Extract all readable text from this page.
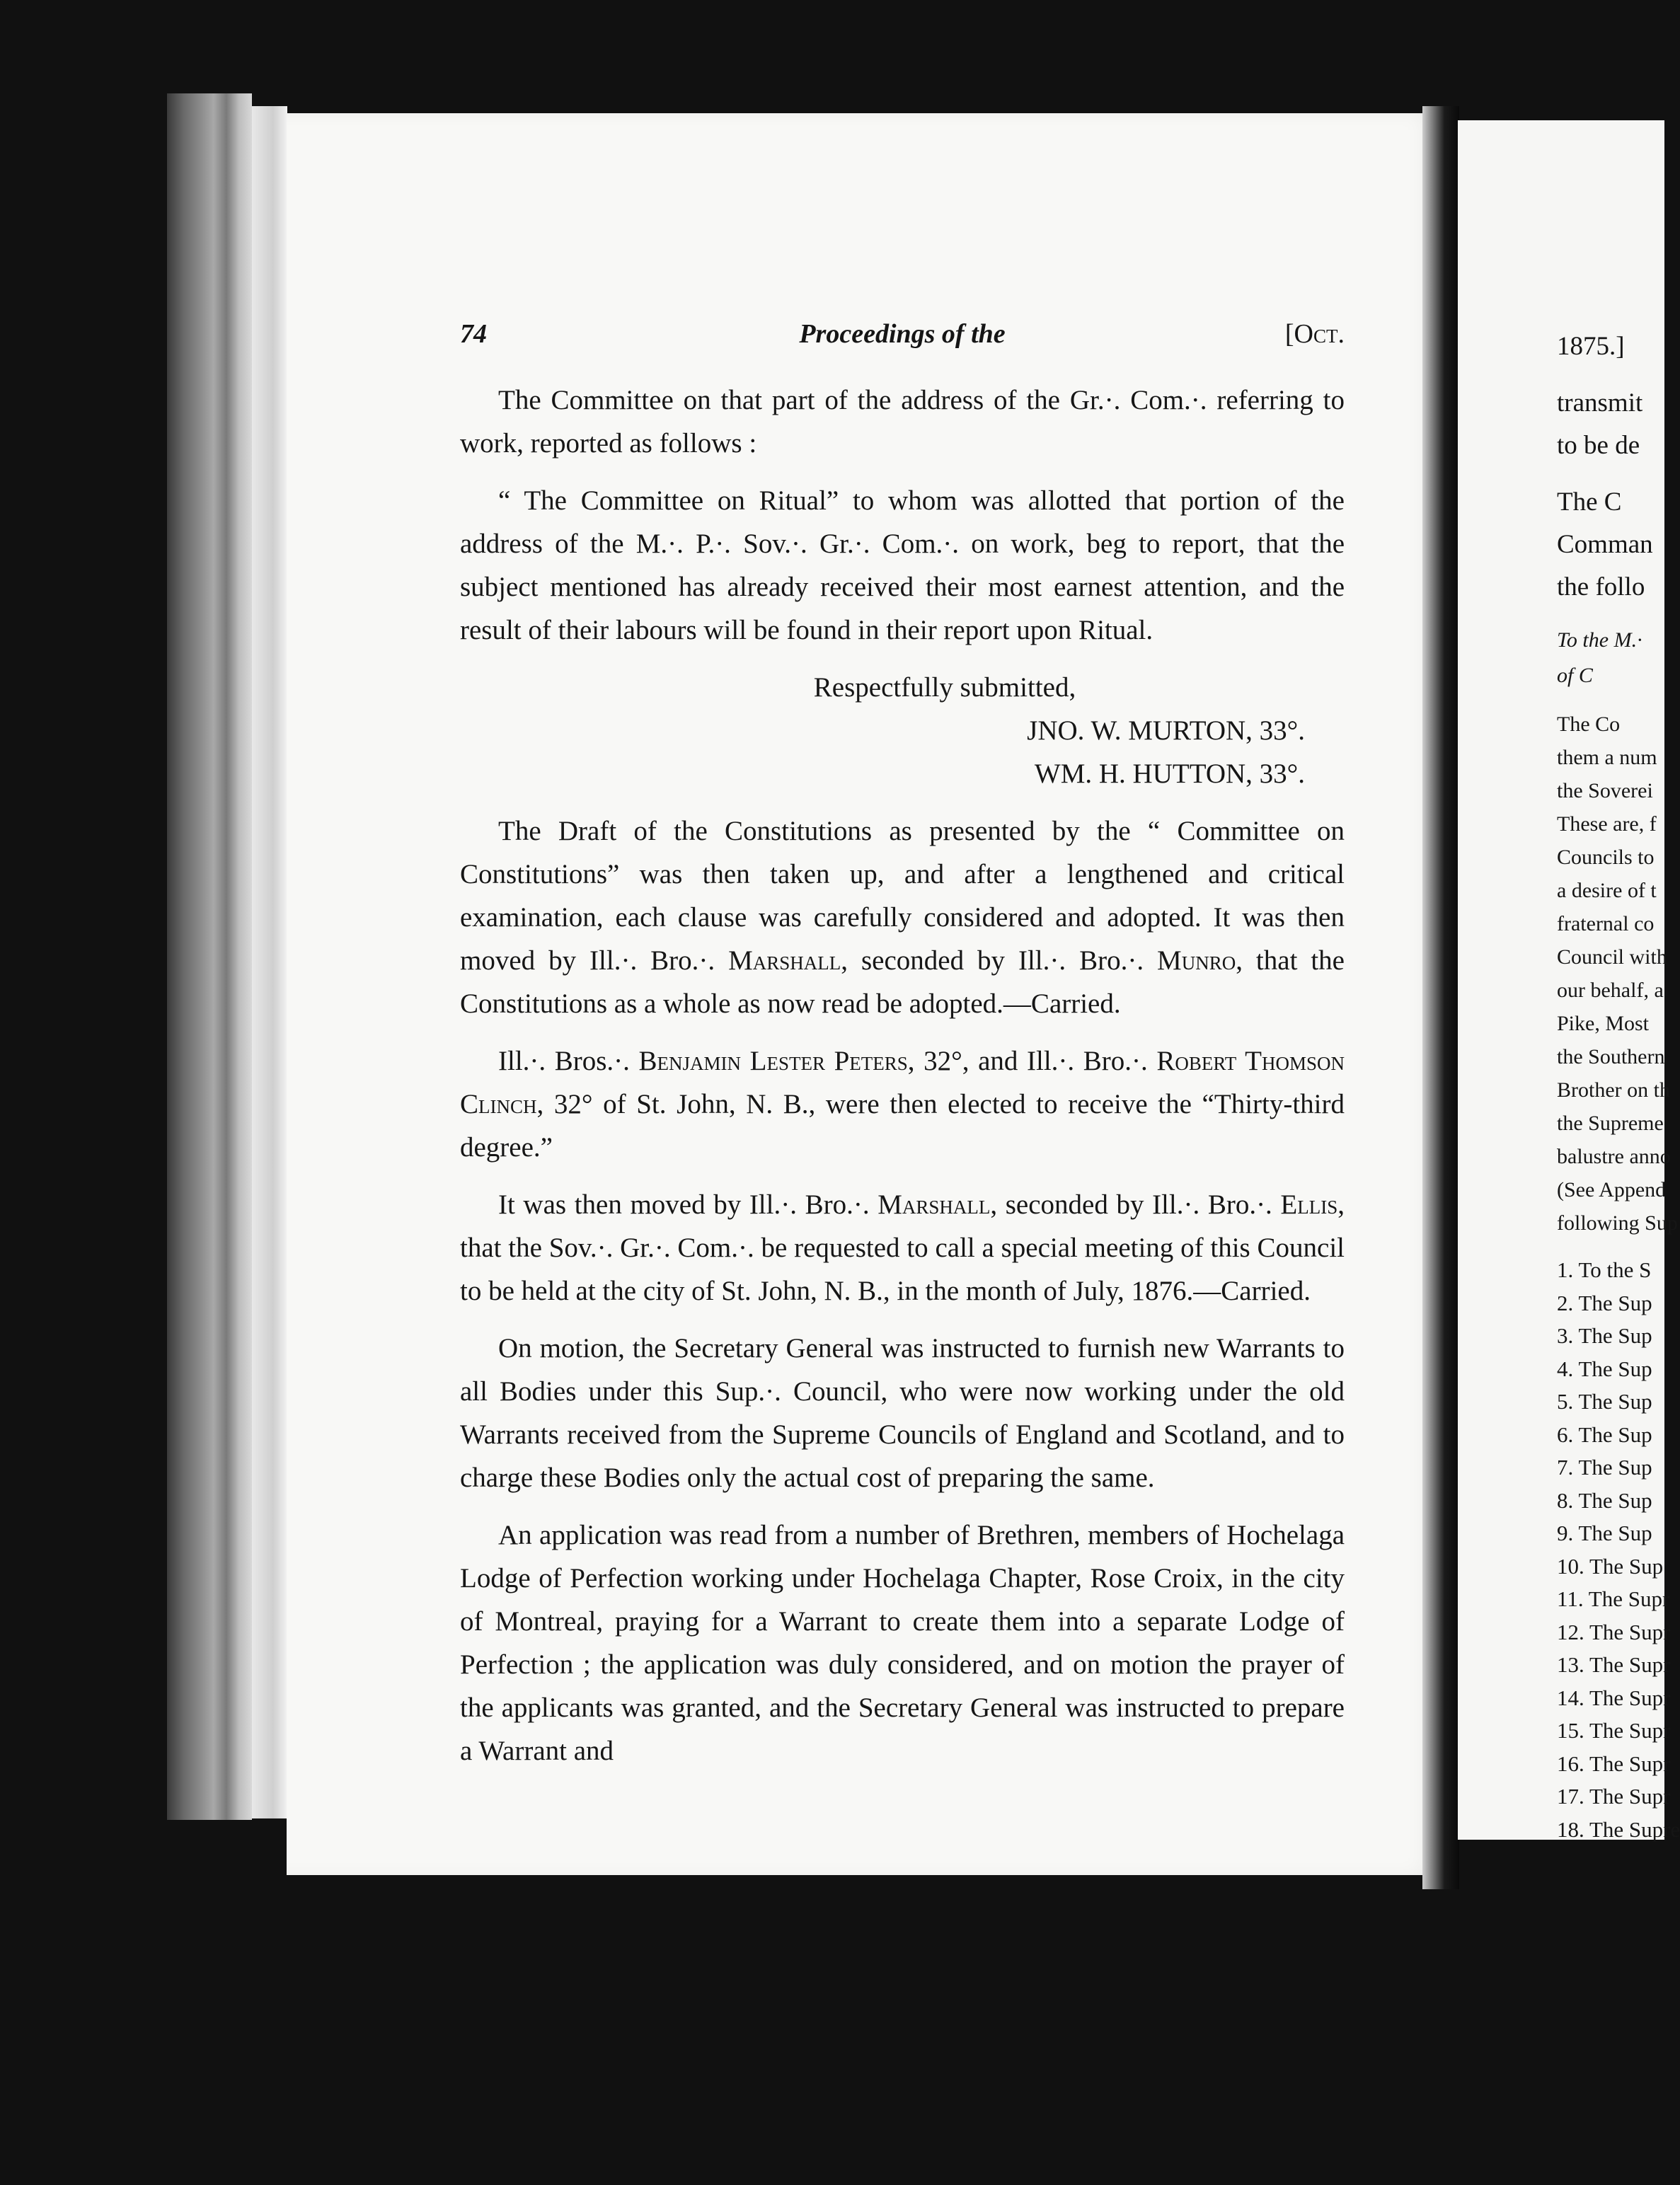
74	Proceedings of the	[Oct.

The Committee on that part of the address of the Gr.·. Com.·. referring to work, reported as follows :

“ The Committee on Ritual” to whom was allotted that portion of the address of the M.·. P.·. Sov.·. Gr.·. Com.·. on work, beg to report, that the subject mentioned has already received their most earnest attention, and the result of their labours will be found in their report upon Ritual.

Respectfully submitted,

JNO. W. MURTON, 33°.

WM. H. HUTTON, 33°.

The Draft of the Constitutions as presented by the “ Committee on Constitutions” was then taken up, and after a lengthened and critical examination, each clause was carefully considered and adopted. It was then moved by Ill.·. Bro.·. Marshall, seconded by Ill.·. Bro.·. Munro, that the Constitutions as a whole as now read be adopted.—Carried.

Ill.·. Bros.·. Benjamin Lester Peters, 32°, and Ill.·. Bro.·. Robert Thomson Clinch, 32° of St. John, N. B., were then elected to receive the “Thirty-third degree.”

It was then moved by Ill.·. Bro.·. Marshall, seconded by Ill.·. Bro.·. Ellis, that the Sov.·. Gr.·. Com.·. be requested to call a special meeting of this Council to be held at the city of St. John, N. B., in the month of July, 1876.—Carried.

On motion, the Secretary General was instructed to furnish new Warrants to all Bodies under this Sup.·. Council, who were now working under the old Warrants received from the Supreme Councils of England and Scotland, and to charge these Bodies only the actual cost of preparing the same.

An application was read from a number of Brethren, members of Hochelaga Lodge of Perfection working under Hochelaga Chapter, Rose Croix, in the city of Montreal, praying for a Warrant to create them into a separate Lodge of Perfection ; the application was duly considered, and on motion the prayer of the applicants was granted, and the Secretary General was instructed to prepare a Warrant and

1875.]
transmit
to be de
The C
Comman
the follo
To the M.·
of C
The Co
them a num
the Soverei
These are, f
Councils to
a desire of t
fraternal co
Council with
our behalf, a
Pike, Most
the Southern
Brother on th
the Supreme
balustre anno
(See Append
following Sup
1. To the S
2. The Sup
3. The Sup
4. The Sup
5. The Sup
6. The Sup
7. The Sup
8. The Sup
9. The Sup
10. The Sup
11. The Supr
12. The Supr
13. The Supr
14. The Supr
15. The Supr
16. The Supr
17. The Supr
18. The Supre
